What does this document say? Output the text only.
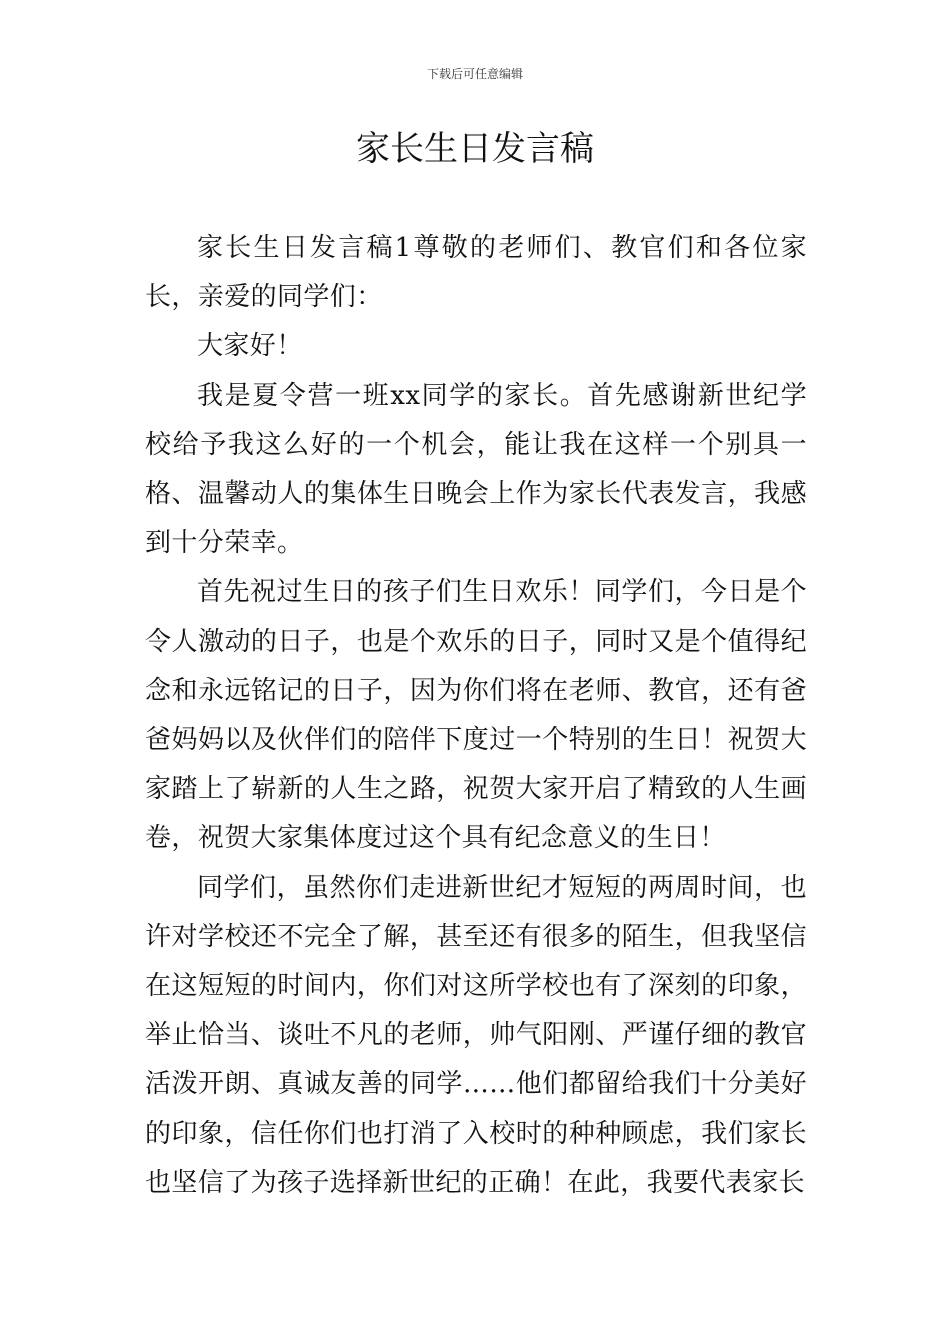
下载后可任意编辑
家长生日发言稿

家长生日发言稿1尊敬的老师们、教官们和各位家长，亲爱的同学们：

大家好！

我是夏令营一班xx同学的家长。首先感谢新世纪学校给予我这么好的一个机会，能让我在这样一个别具一格、温馨动人的集体生日晚会上作为家长代表发言，我感到十分荣幸。

首先祝过生日的孩子们生日欢乐！同学们，今日是个令人激动的日子，也是个欢乐的日子，同时又是个值得纪念和永远铭记的日子，因为你们将在老师、教官，还有爸爸妈妈以及伙伴们的陪伴下度过一个特别的生日！祝贺大家踏上了崭新的人生之路，祝贺大家开启了精致的人生画卷，祝贺大家集体度过这个具有纪念意义的生日！

同学们，虽然你们走进新世纪才短短的两周时间，也许对学校还不完全了解，甚至还有很多的陌生，但我坚信在这短短的时间内，你们对这所学校也有了深刻的印象，举止恰当、谈吐不凡的老师，帅气阳刚、严谨仔细的教官活泼开朗、真诚友善的同学……他们都留给我们十分美好的印象，信任你们也打消了入校时的种种顾虑，我们家长也坚信了为孩子选择新世纪的正确！在此，我要代表家长
